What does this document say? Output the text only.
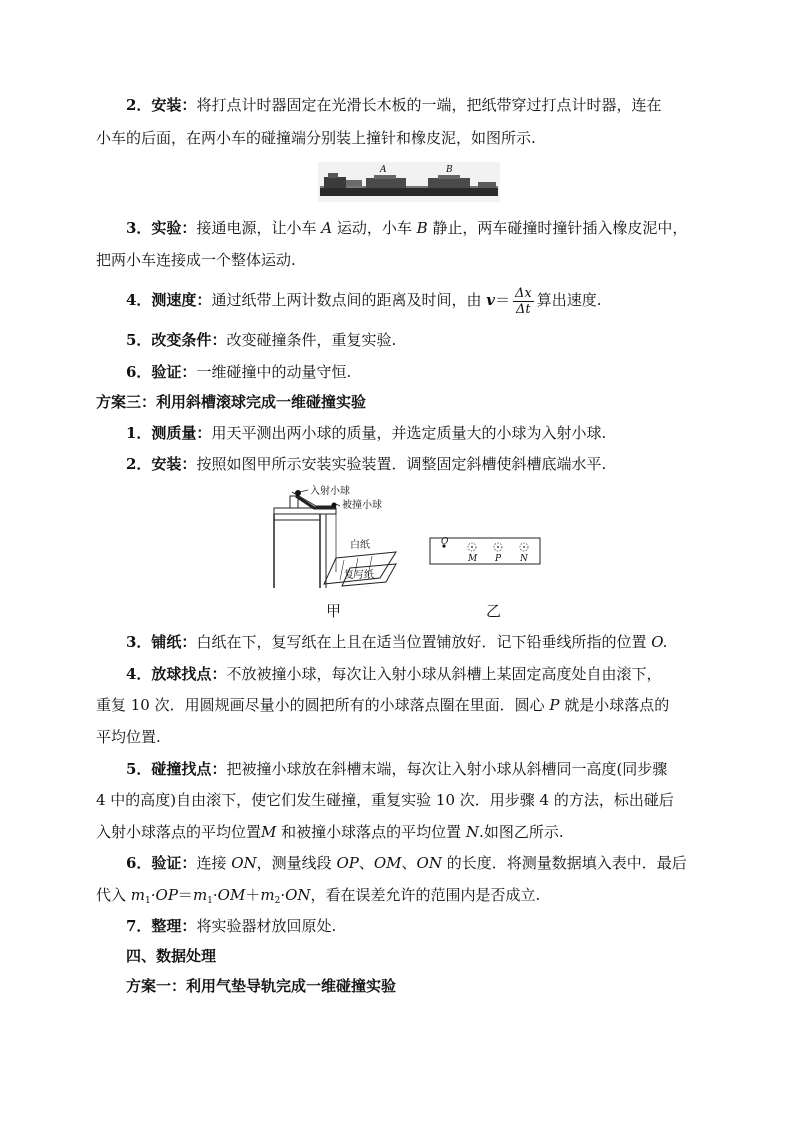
2．安装：将打点计时器固定在光滑长木板的一端，把纸带穿过打点计时器，连在
小车的后面，在两小车的碰撞端分别装上撞针和橡皮泥，如图所示.
A	B
3．实验：接通电源，让小车 A 运动，小车 B 静止，两车碰撞时撞针插入橡皮泥中，
把两小车连接成一个整体运动.
4．测速度：通过纸带上两计数点间的距离及时间，由 $v= \frac{\Delta x}{\Delta t}$ 算出速度.
5．改变条件：改变碰撞条件，重复实验.
6．验证：一维碰撞中的动量守恒.
方案三：利用斜槽滚球完成一维碰撞实验
1．测质量：用天平测出两小球的质量，并选定质量大的小球为入射小球.
2．安装：按照如图甲所示安装实验装置．调整固定斜槽使斜槽底端水平.
入射小球
被撞小球
白纸
复写纸
O
M P N
甲	乙
3．铺纸：白纸在下，复写纸在上且在适当位置铺放好．记下铅垂线所指的位置 O.
4．放球找点：不放被撞小球，每次让入射小球从斜槽上某固定高度处自由滚下，
重复 10 次．用圆规画尽量小的圆把所有的小球落点圈在里面．圆心 P 就是小球落点的
平均位置.
5．碰撞找点：把被撞小球放在斜槽末端，每次让入射小球从斜槽同一高度(同步骤
4 中的高度)自由滚下，使它们发生碰撞，重复实验 10 次．用步骤 4 的方法，标出碰后
入射小球落点的平均位置M 和被撞小球落点的平均位置 N.如图乙所示.
6．验证：连接 ON，测量线段 OP、OM、ON 的长度．将测量数据填入表中．最后
代入 $m_1\cdot OP=m_1\cdot OM+m_2\cdot ON$，看在误差允许的范围内是否成立.
7．整理：将实验器材放回原处.
四、数据处理
方案一：利用气垫导轨完成一维碰撞实验
